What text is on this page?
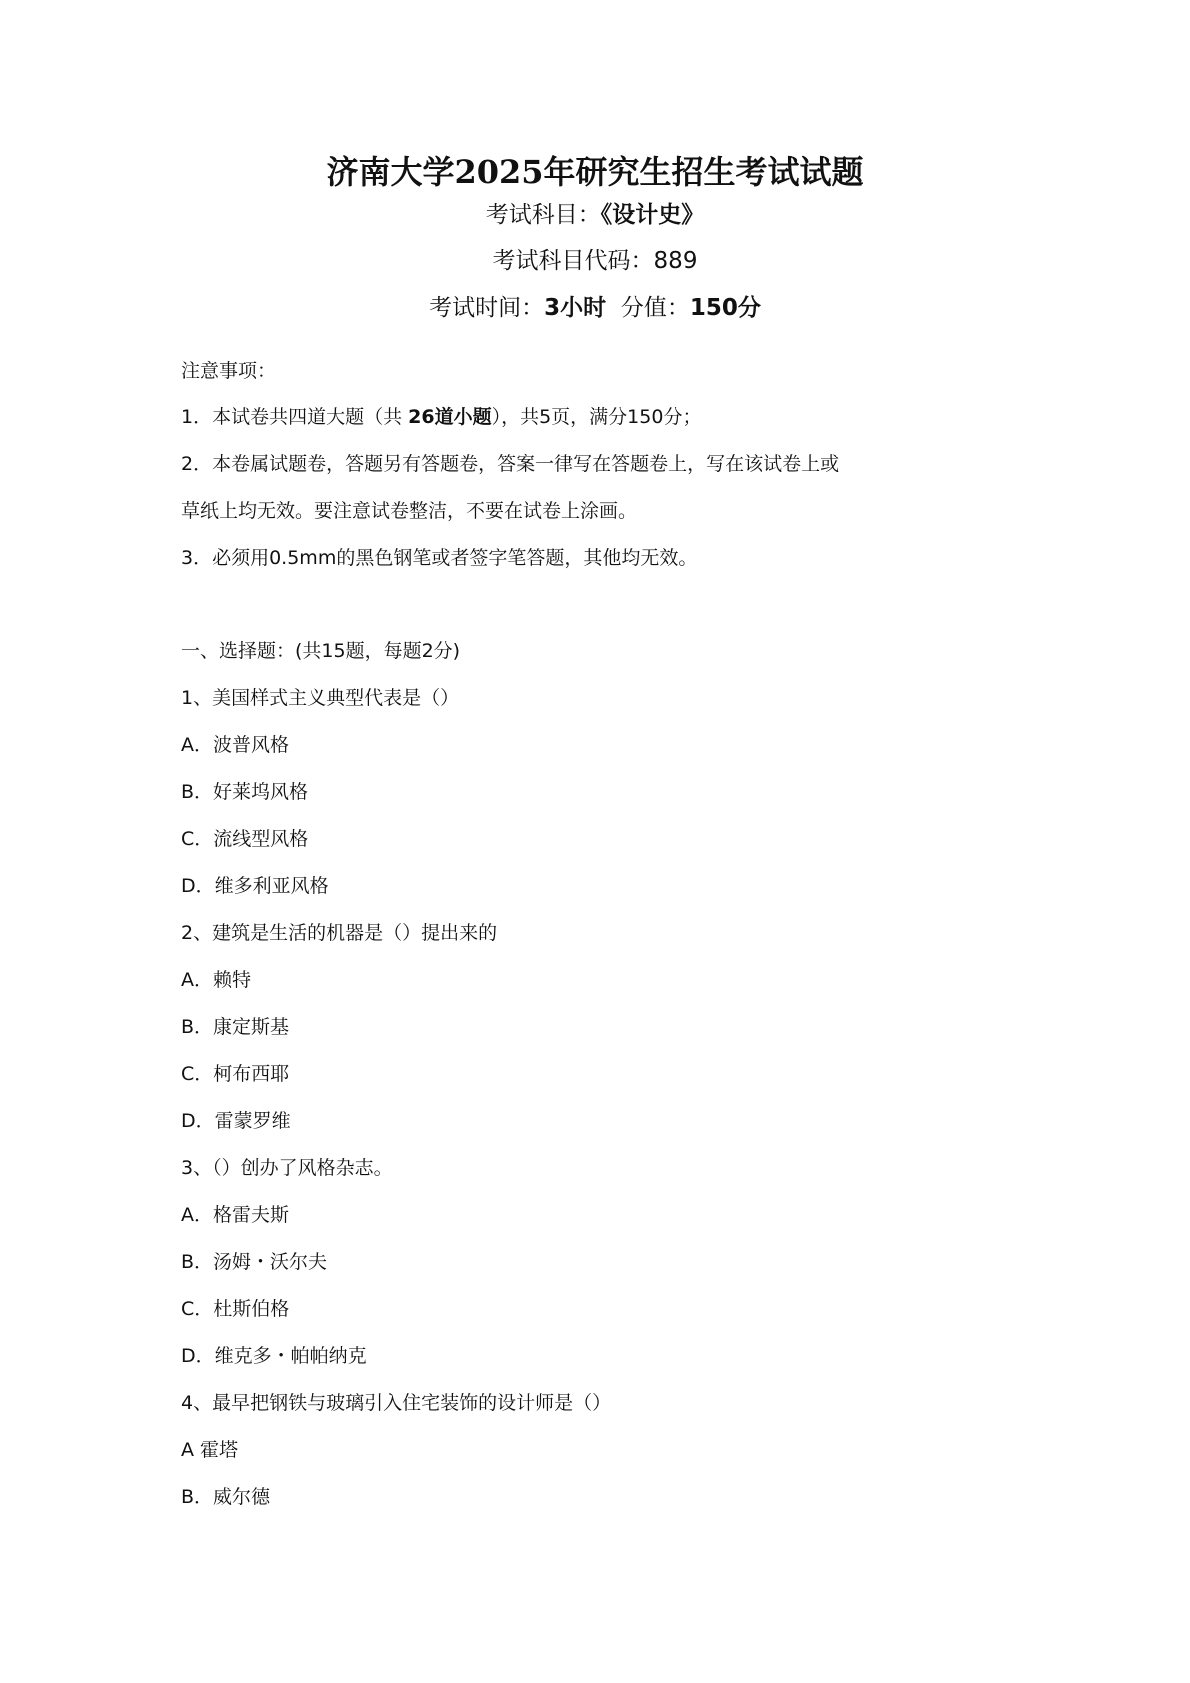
济南大学2025年研究生招生考试试题
考试科目：《设计史》
考试科目代码：889
考试时间：3小时 分值：150分
注意事项：
1．本试卷共四道大题（共 26道小题），共5页，满分150分；
2．本卷属试题卷，答题另有答题卷，答案一律写在答题卷上，写在该试卷上或
草纸上均无效。要注意试卷整洁，不要在试卷上涂画。
3．必须用0.5mm的黑色钢笔或者签字笔答题，其他均无效。
一、选择题：(共15题，每题2分)
1、美国样式主义典型代表是（）
A．波普风格
B．好莱坞风格
C．流线型风格
D．维多利亚风格
2、建筑是生活的机器是（）提出来的
A．赖特
B．康定斯基
C．柯布西耶
D．雷蒙罗维
3、（）创办了风格杂志。
A．格雷夫斯
B．汤姆・沃尔夫
C．杜斯伯格
D．维克多・帕帕纳克
4、最早把钢铁与玻璃引入住宅装饰的设计师是（）
A 霍塔
B．威尔德
